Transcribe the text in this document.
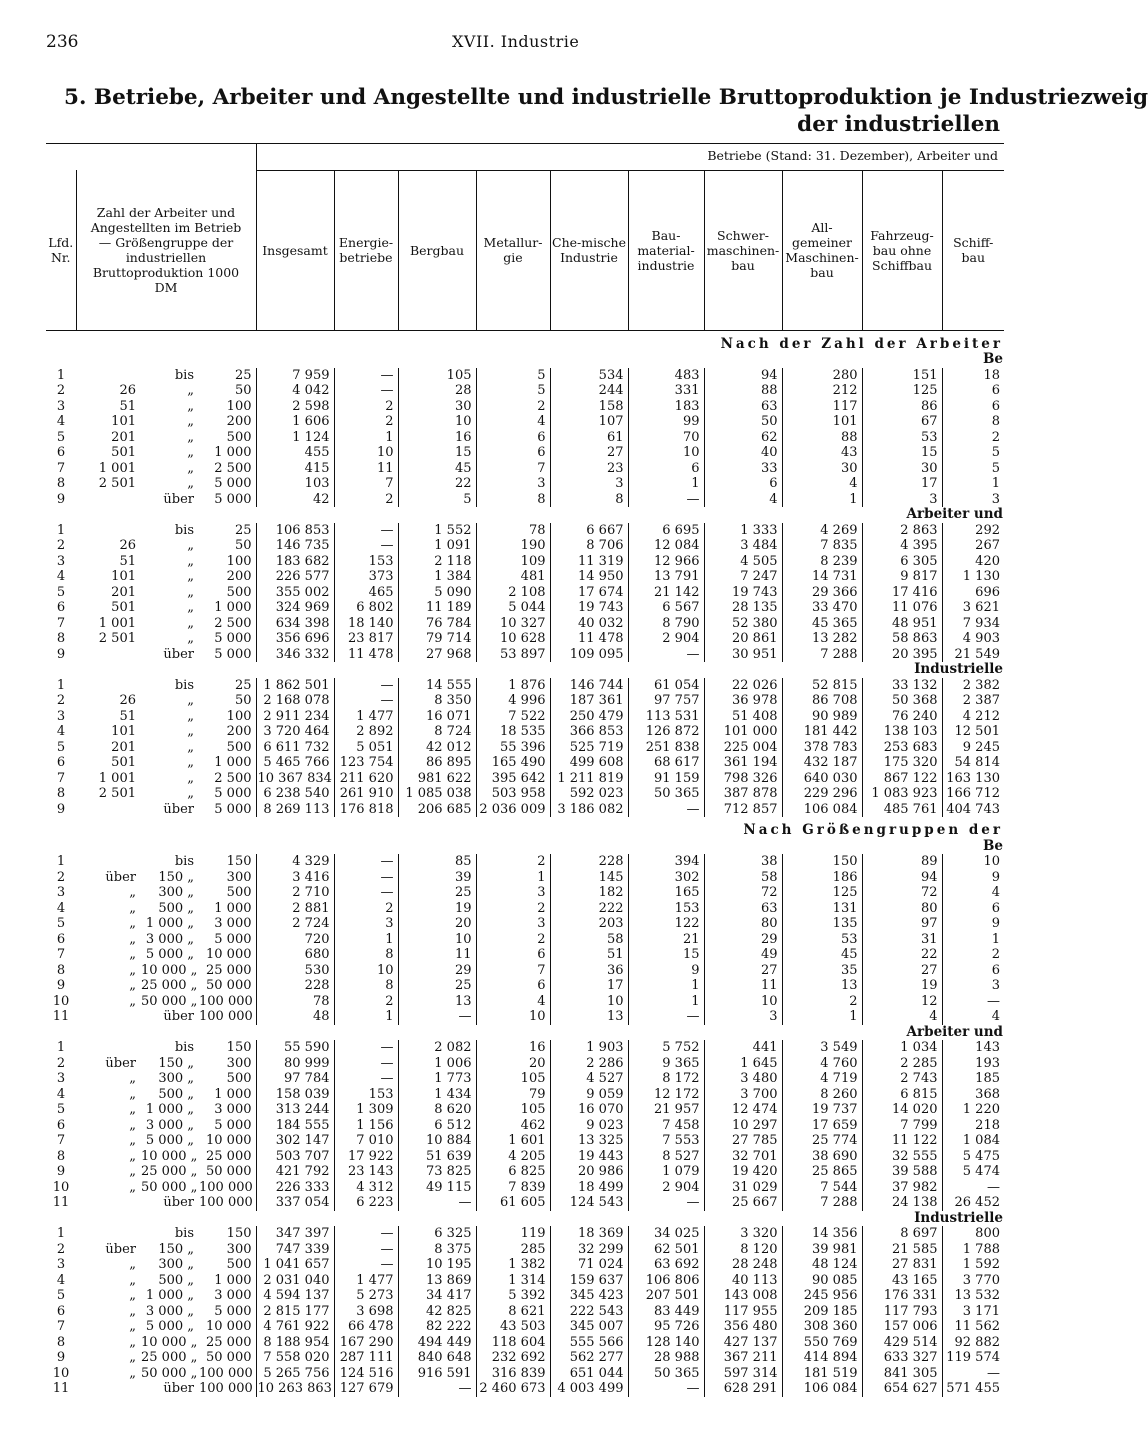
236	XVII. Industrie
5. Betriebe, Arbeiter und Angestellte und industrielle Bruttoproduktion je Industriezweig
der industriellen

				Betriebe (Stand: 31. Dezember), Arbeiter und									
Lfd. Nr.	Zahl der Arbeiter und Angestellten im Betrieb — Größengruppe der industriellen Bruttoproduktion 1000 DM			Insgesamt	Energie-betriebe	Bergbau	Metallur-gie	Che-mische Industrie	Bau-material-industrie	Schwer-maschinen-bau	All-gemeiner Maschinen-bau	Fahrzeug-bau ohne Schiffbau	Schiff-bau
Nach der Zahl der Arbeiter													
Be													
1		bis	25	7 959	—	105	5	534	483	94	280	151	18
2	26	„	50	4 042	—	28	5	244	331	88	212	125	6
3	51	„	100	2 598	2	30	2	158	183	63	117	86	6
4	101	„	200	1 606	2	10	4	107	99	50	101	67	8
5	201	„	500	1 124	1	16	6	61	70	62	88	53	2
6	501	„	1 000	455	10	15	6	27	10	40	43	15	5
7	1 001	„	2 500	415	11	45	7	23	6	33	30	30	5
8	2 501	„	5 000	103	7	22	3	3	1	6	4	17	1
9		über	5 000	42	2	5	8	8	—	4	1	3	3
Arbeiter und													
1		bis	25	106 853	—	1 552	78	6 667	6 695	1 333	4 269	2 863	292
2	26	„	50	146 735	—	1 091	190	8 706	12 084	3 484	7 835	4 395	267
3	51	„	100	183 682	153	2 118	109	11 319	12 966	4 505	8 239	6 305	420
4	101	„	200	226 577	373	1 384	481	14 950	13 791	7 247	14 731	9 817	1 130
5	201	„	500	355 002	465	5 090	2 108	17 674	21 142	19 743	29 366	17 416	696
6	501	„	1 000	324 969	6 802	11 189	5 044	19 743	6 567	28 135	33 470	11 076	3 621
7	1 001	„	2 500	634 398	18 140	76 784	10 327	40 032	8 790	52 380	45 365	48 951	7 934
8	2 501	„	5 000	356 696	23 817	79 714	10 628	11 478	2 904	20 861	13 282	58 863	4 903
9		über	5 000	346 332	11 478	27 968	53 897	109 095	—	30 951	7 288	20 395	21 549
Industrielle													
1		bis	25	1 862 501	—	14 555	1 876	146 744	61 054	22 026	52 815	33 132	2 382
2	26	„	50	2 168 078	—	8 350	4 996	187 361	97 757	36 978	86 708	50 368	2 387
3	51	„	100	2 911 234	1 477	16 071	7 522	250 479	113 531	51 408	90 989	76 240	4 212
4	101	„	200	3 720 464	2 892	8 724	18 535	366 853	126 872	101 000	181 442	138 103	12 501
5	201	„	500	6 611 732	5 051	42 012	55 396	525 719	251 838	225 004	378 783	253 683	9 245
6	501	„	1 000	5 465 766	123 754	86 895	165 490	499 608	68 617	361 194	432 187	175 320	54 814
7	1 001	„	2 500	10 367 834	211 620	981 622	395 642	1 211 819	91 159	798 326	640 030	867 122	163 130
8	2 501	„	5 000	6 238 540	261 910	1 085 038	503 958	592 023	50 365	387 878	229 296	1 083 923	166 712
9		über	5 000	8 269 113	176 818	206 685	2 036 009	3 186 082	—	712 857	106 084	485 761	404 743
Nach Größengruppen der													
Be													
1		bis	150	4 329	—	85	2	228	394	38	150	89	10
2	über	150 „	300	3 416	—	39	1	145	302	58	186	94	9
3	„	300 „	500	2 710	—	25	3	182	165	72	125	72	4
4	„	500 „	1 000	2 881	2	19	2	222	153	63	131	80	6
5	„	1 000 „	3 000	2 724	3	20	3	203	122	80	135	97	9
6	„	3 000 „	5 000	720	1	10	2	58	21	29	53	31	1
7	„	5 000 „	10 000	680	8	11	6	51	15	49	45	22	2
8	„	10 000 „	25 000	530	10	29	7	36	9	27	35	27	6
9	„	25 000 „	50 000	228	8	25	6	17	1	11	13	19	3
10	„	50 000 „	100 000	78	2	13	4	10	1	10	2	12	—
11		über	100 000	48	1	—	10	13	—	3	1	4	4
Arbeiter und													
1		bis	150	55 590	—	2 082	16	1 903	5 752	441	3 549	1 034	143
2	über	150 „	300	80 999	—	1 006	20	2 286	9 365	1 645	4 760	2 285	193
3	„	300 „	500	97 784	—	1 773	105	4 527	8 172	3 480	4 719	2 743	185
4	„	500 „	1 000	158 039	153	1 434	79	9 059	12 172	3 700	8 260	6 815	368
5	„	1 000 „	3 000	313 244	1 309	8 620	105	16 070	21 957	12 474	19 737	14 020	1 220
6	„	3 000 „	5 000	184 555	1 156	6 512	462	9 023	7 458	10 297	17 659	7 799	218
7	„	5 000 „	10 000	302 147	7 010	10 884	1 601	13 325	7 553	27 785	25 774	11 122	1 084
8	„	10 000 „	25 000	503 707	17 922	51 639	4 205	19 443	8 527	32 701	38 690	32 555	5 475
9	„	25 000 „	50 000	421 792	23 143	73 825	6 825	20 986	1 079	19 420	25 865	39 588	5 474
10	„	50 000 „	100 000	226 333	4 312	49 115	7 839	18 499	2 904	31 029	7 544	37 982	—
11		über	100 000	337 054	6 223	—	61 605	124 543	—	25 667	7 288	24 138	26 452
Industrielle													
1		bis	150	347 397	—	6 325	119	18 369	34 025	3 320	14 356	8 697	800
2	über	150 „	300	747 339	—	8 375	285	32 299	62 501	8 120	39 981	21 585	1 788
3	„	300 „	500	1 041 657	—	10 195	1 382	71 024	63 692	28 248	48 124	27 831	1 592
4	„	500 „	1 000	2 031 040	1 477	13 869	1 314	159 637	106 806	40 113	90 085	43 165	3 770
5	„	1 000 „	3 000	4 594 137	5 273	34 417	5 392	345 423	207 501	143 008	245 956	176 331	13 532
6	„	3 000 „	5 000	2 815 177	3 698	42 825	8 621	222 543	83 449	117 955	209 185	117 793	3 171
7	„	5 000 „	10 000	4 761 922	66 478	82 222	43 503	345 007	95 726	356 480	308 360	157 006	11 562
8	„	10 000 „	25 000	8 188 954	167 290	494 449	118 604	555 566	128 140	427 137	550 769	429 514	92 882
9	„	25 000 „	50 000	7 558 020	287 111	840 648	232 692	562 277	28 988	367 211	414 894	633 327	119 574
10	„	50 000 „	100 000	5 265 756	124 516	916 591	316 839	651 044	50 365	597 314	181 519	841 305	—
11		über	100 000	10 263 863	127 679	—	2 460 673	4 003 499	—	628 291	106 084	654 627	571 455
